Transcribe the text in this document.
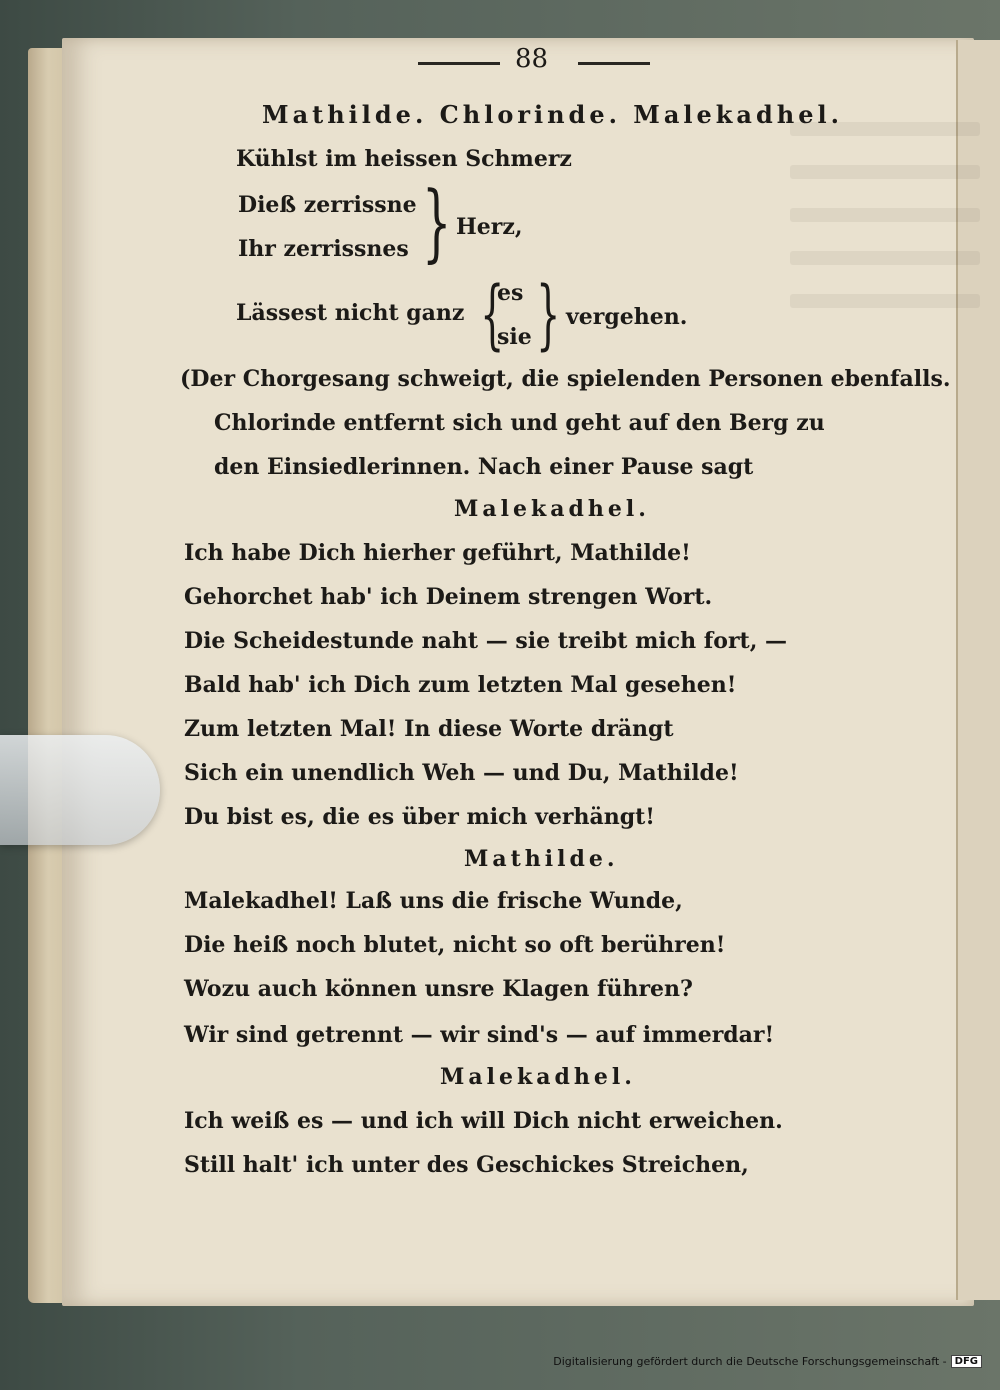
88
Mathilde. Chlorinde. Malekadhel.
Kühlst im heissen Schmerz
Dieß zerrissne
Ihr zerrissnes } Herz,
Lässest nicht ganz {
es
sie } vergehen.
(Der Chorgesang schweigt, die spielenden Personen ebenfalls.
Chlorinde entfernt sich und geht auf den Berg zu
den Einsiedlerinnen. Nach einer Pause sagt
Malekadhel.
Ich habe Dich hierher geführt, Mathilde!
Gehorchet hab' ich Deinem strengen Wort.
Die Scheidestunde naht — sie treibt mich fort, —
Bald hab' ich Dich zum letzten Mal gesehen!
Zum letzten Mal! In diese Worte drängt
Sich ein unendlich Weh — und Du, Mathilde!
Du bist es, die es über mich verhängt!
Mathilde.
Malekadhel! Laß uns die frische Wunde,
Die heiß noch blutet, nicht so oft berühren!
Wozu auch können unsre Klagen führen?
Wir sind getrennt — wir sind's — auf immerdar!
Malekadhel.
Ich weiß es — und ich will Dich nicht erweichen.
Still halt' ich unter des Geschickes Streichen,
Digitalisierung gefördert durch die Deutsche Forschungsgemeinschaft - DFG
